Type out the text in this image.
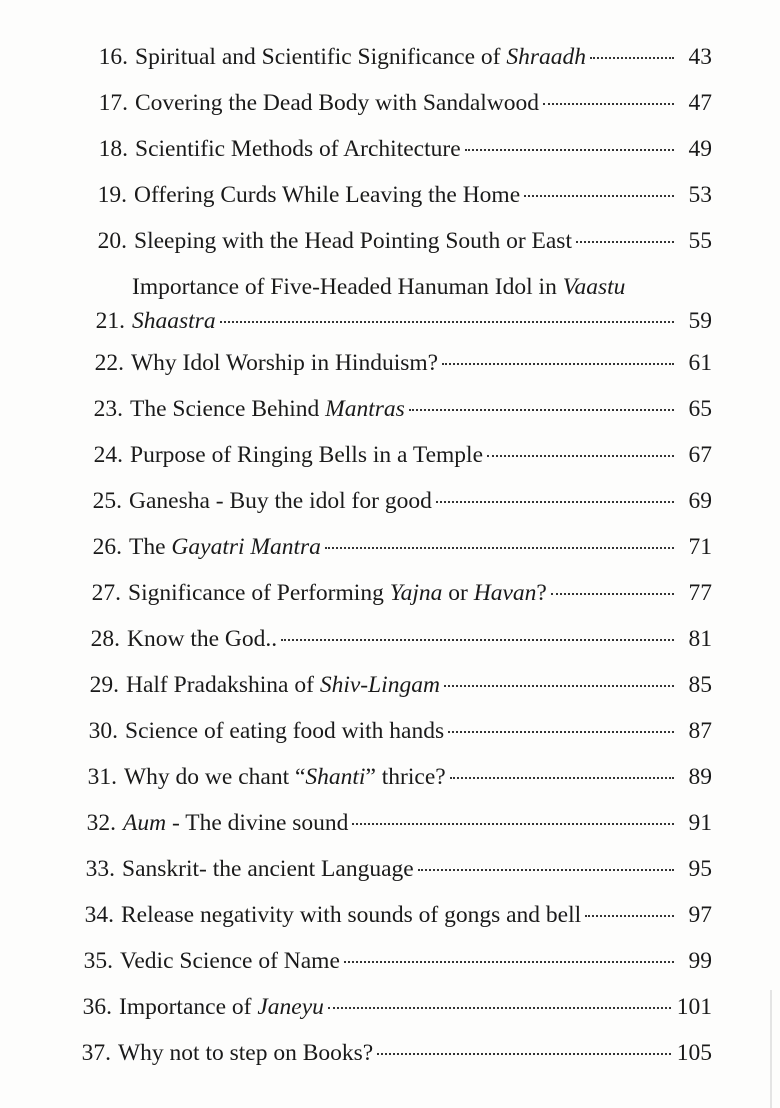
16. Spiritual and Scientific Significance of Shraadh	43
17. Covering the Dead Body with Sandalwood	47
18. Scientific Methods of Architecture	49
19. Offering Curds While Leaving the Home	53
20. Sleeping with the Head Pointing South or East	55
21.
Importance of Five-Headed Hanuman Idol in Vaastu
Shaastra	59
22. Why Idol Worship in Hinduism?	61
23. The Science Behind Mantras	65
24. Purpose of Ringing Bells in a Temple	67
25. Ganesha - Buy the idol for good	69
26. The Gayatri Mantra	71
27. Significance of Performing Yajna or Havan?	77
28. Know the God..	81
29. Half Pradakshina of Shiv-Lingam	85
30. Science of eating food with hands	87
31. Why do we chant “Shanti” thrice?	89
32. Aum - The divine sound	91
33. Sanskrit- the ancient Language	95
34. Release negativity with sounds of gongs and bell	97
35. Vedic Science of Name	99
36. Importance of Janeyu	101
37. Why not to step on Books?	105
